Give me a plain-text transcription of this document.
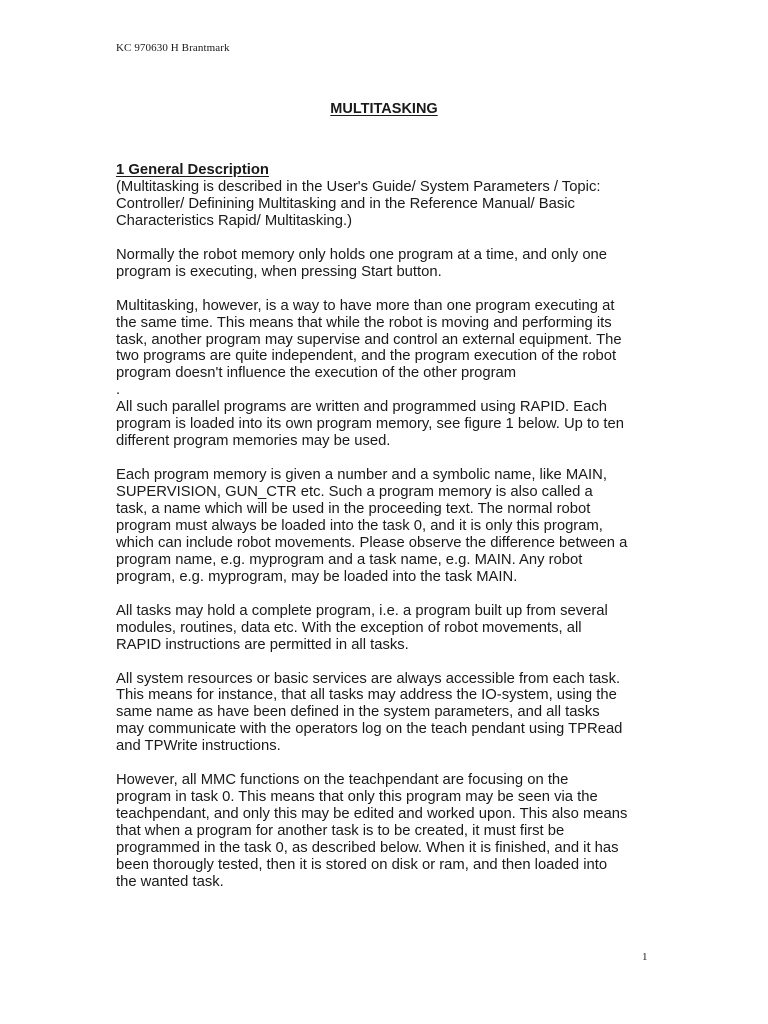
KC 970630 H Brantmark
MULTITASKING
1 General Description
(Multitasking is described in the User's Guide/ System Parameters / Topic:
Controller/ Definining Multitasking and in the Reference Manual/ Basic
Characteristics Rapid/ Multitasking.)
Normally the robot memory only holds one program at a time, and only one
program is executing, when pressing Start button.
Multitasking, however, is a way to have more than one program executing at
the same time. This means that while the robot is moving and performing its
task, another program may supervise and control an external equipment. The
two programs are quite independent, and the program execution of the robot
program doesn't influence the execution of the other program
.
All such parallel programs are written and programmed using RAPID. Each
program is loaded into its own program memory, see figure 1 below. Up to ten
different program memories may be used.
Each program memory is given a number and a symbolic name, like MAIN,
SUPERVISION, GUN_CTR etc. Such a program memory is also called a
task, a name which will be used in the proceeding text. The normal robot
program must always be loaded into the task 0, and it is only this program,
which can include robot movements. Please observe the difference between a
program name, e.g. myprogram and a task name, e.g. MAIN. Any robot
program, e.g. myprogram, may be loaded into the task MAIN.
All tasks may hold a complete program, i.e. a program built up from several
modules, routines, data etc. With the exception of robot movements, all
RAPID instructions are permitted in all tasks.
All system resources or basic services are always accessible from each task.
This means for instance, that all tasks may address the IO-system, using the
same name as have been defined in the system parameters, and all tasks
may communicate with the operators log on the teach pendant using TPRead
and TPWrite instructions.
However, all MMC functions on the teachpendant are focusing on the
program in task 0. This means that only this program may be seen via the
teachpendant, and only this may be edited and worked upon. This also means
that when a program for another task is to be created, it must first be
programmed in the task 0, as described below. When it is finished, and it has
been thorougly tested, then it is stored on disk or ram, and then loaded into
the wanted task.
1
